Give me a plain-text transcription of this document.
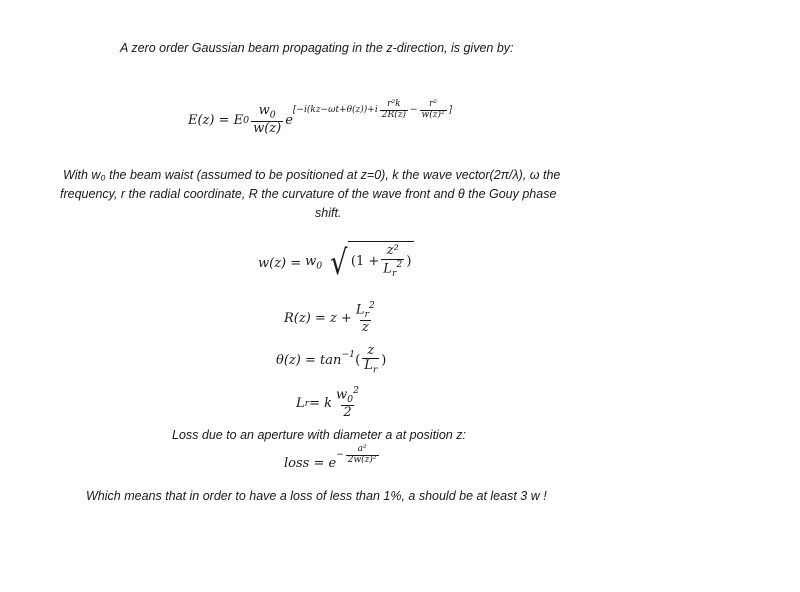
A zero order Gaussian beam propagating in the z-direction, is given by:
E(z) = E $0 \frac{w_0}{w(z)}$ e
[$-i(kz-\omega t+\theta(z))+i \frac{\text{r²k}}{2R(z)} - \frac{\text{r²}}{\text{w(z)²}}$ ]
With w₀ the beam waist (assumed to be positioned at z=0), k the wave vector(2π/λ), ω the
frequency, r the radial coordinate, R the curvature of the wave front and θ the Gouy phase
shift.
$w(z) = w_0$ √ ($1 + \frac{\text{z²}}{L_r^2}$ )
$R(z) = z + \frac{L_r^2}{z}$
$\theta(z) = \tan^{-1}$ ( $\frac{z}{L_r}$ )
L r = k $\frac{w_0^2}{2}$
Loss due to an aperture with diameter a at position z:
loss = e
− $\frac{\text{a²}}{\text{2w(z)²}}$
Which means that in order to have a loss of less than 1%, a should be at least 3 w !
